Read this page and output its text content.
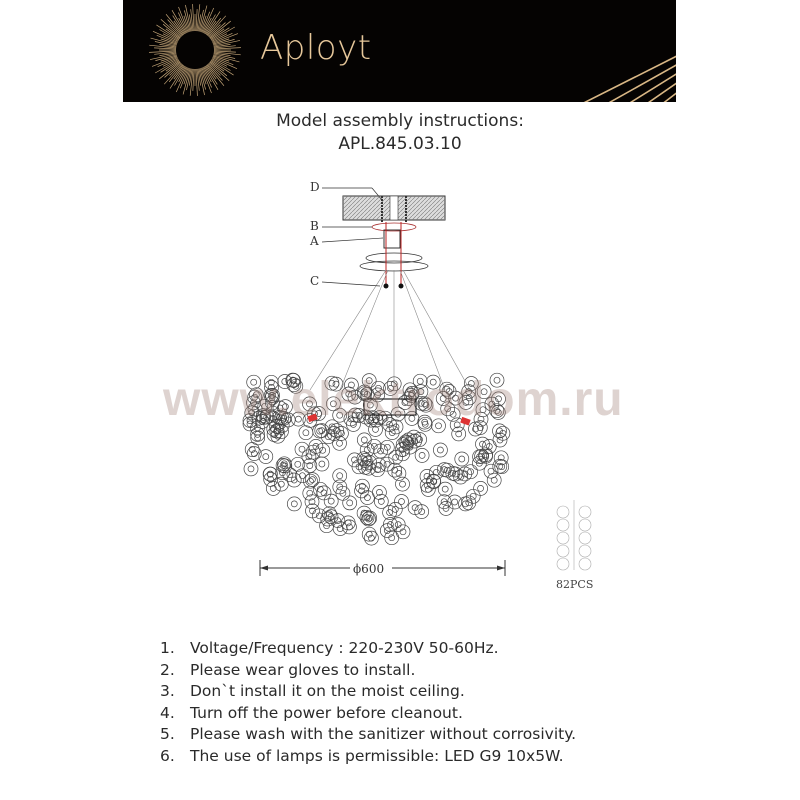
Aployt
Model assembly instructions:
APL.845.03.10
D
B
A
C
www.elektrodom.ru
ϕ600
82PCS
1. Voltage/Frequency : 220-230V 50-60Hz.
2. Please wear gloves to install.
3. Don`t install it on the moist ceiling.
4. Turn off the power before cleanout.
5. Please wash with the sanitizer without corrosivity.
6. The use of lamps is permissible: LED G9 10x5W.
